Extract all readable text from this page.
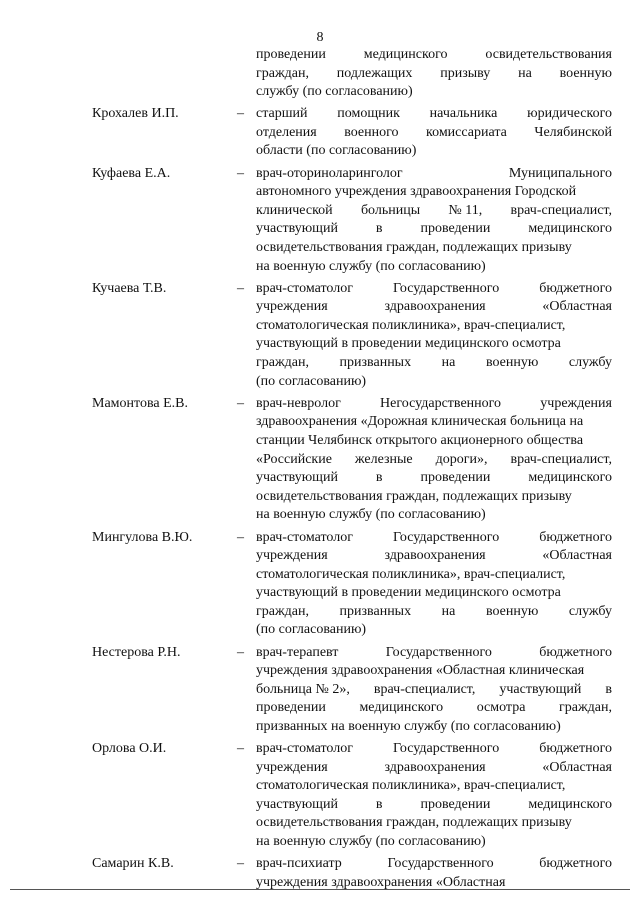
8
проведении	медицинского	освидетельствования
граждан, подлежащих призыву на военную
службу (по согласованию)
Крохалев И.П.	– старший помощник начальника юридического
отделения военного комиссариата Челябинской
области (по согласованию)
Куфаева Е.А.	– врач-оториноларинголог	Муниципального
автономного учреждения здравоохранения Городской
клинической больницы № 11, врач-специалист,
участвующий	в	проведении	медицинского
освидетельствования граждан, подлежащих призыву
на военную службу (по согласованию)
Кучаева Т.В.	– врач-стоматолог	Государственного	бюджетного
учреждения	здравоохранения	«Областная
стоматологическая поликлиника», врач-специалист,
участвующий в проведении медицинского осмотра
граждан, призванных на военную службу
(по согласованию)
Мамонтова Е.В.	– врач-невролог	Негосударственного	учреждения
здравоохранения «Дорожная клиническая больница на
станции Челябинск открытого акционерного общества
«Российские железные дороги», врач-специалист,
участвующий	в	проведении	медицинского
освидетельствования граждан, подлежащих призыву
на военную службу (по согласованию)
Мингулова В.Ю.	– врач-стоматолог	Государственного	бюджетного
учреждения	здравоохранения	«Областная
стоматологическая поликлиника», врач-специалист,
участвующий в проведении медицинского осмотра
граждан, призванных на военную службу
(по согласованию)
Нестерова Р.Н.	– врач-терапевт	Государственного	бюджетного
учреждения здравоохранения «Областная клиническая
больница № 2», врач-специалист, участвующий в
проведении медицинского осмотра граждан,
призванных на военную службу (по согласованию)
Орлова О.И.	– врач-стоматолог	Государственного	бюджетного
учреждения	здравоохранения	«Областная
стоматологическая поликлиника», врач-специалист,
участвующий	в	проведении	медицинского
освидетельствования граждан, подлежащих призыву
на военную службу (по согласованию)
Самарин К.В.	– врач-психиатр	Государственного	бюджетного
учреждения здравоохранения «Областная
